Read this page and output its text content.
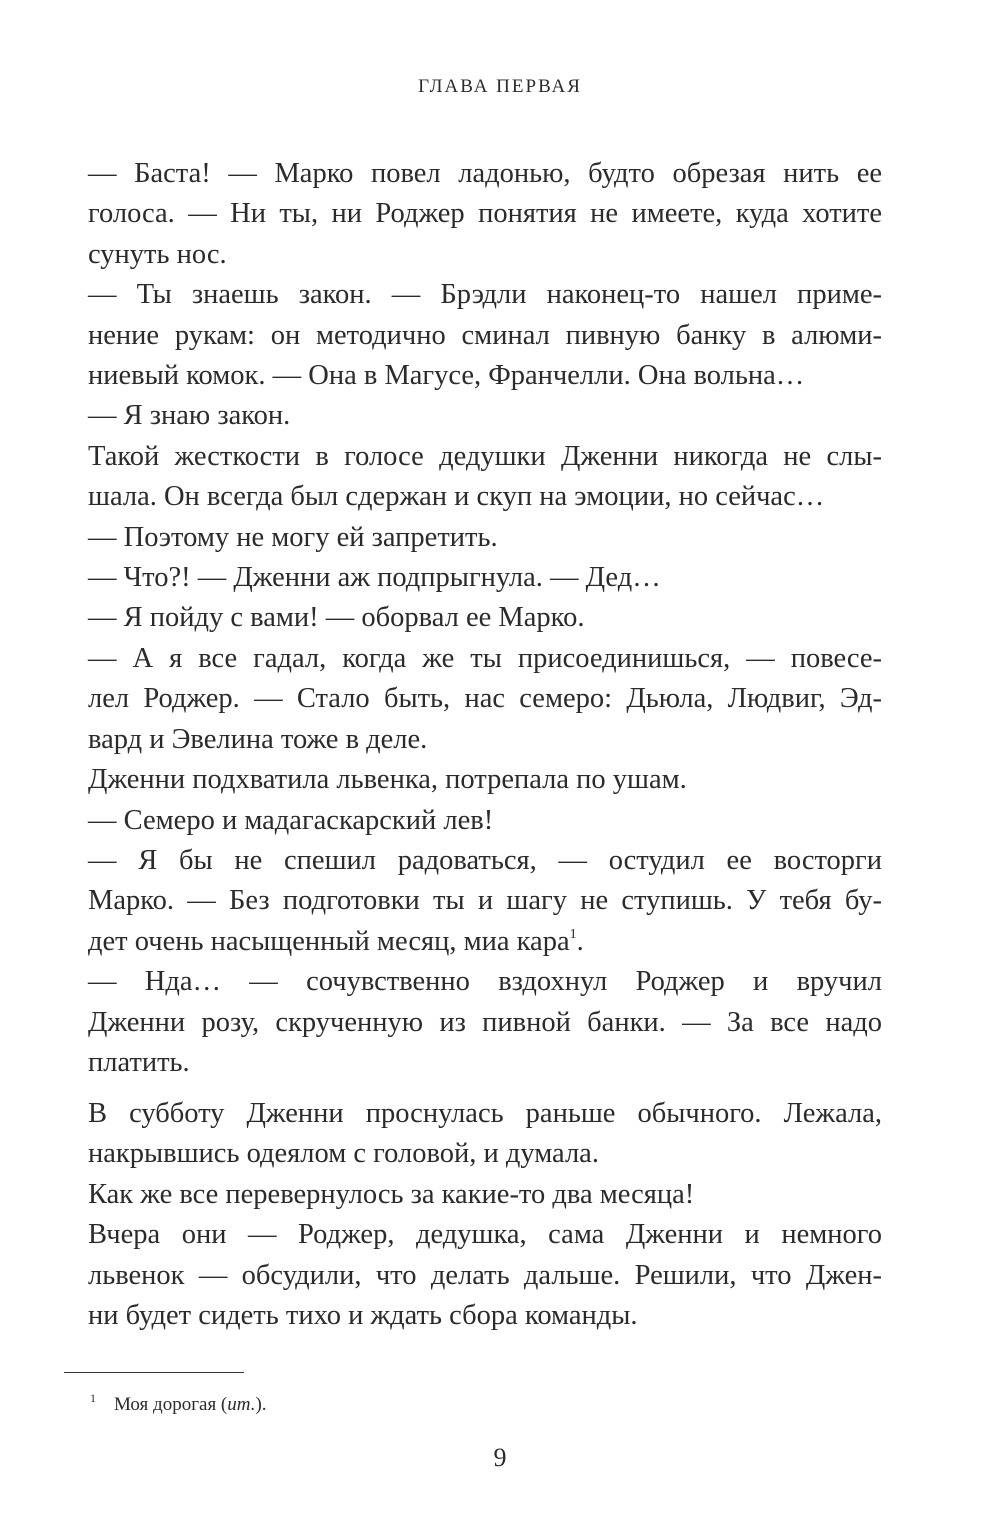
ГЛАВА ПЕРВАЯ
— Баста! — Марко повел ладонью, будто обрезая нить ее
голоса. — Ни ты, ни Роджер понятия не имеете, куда хотите
сунуть нос.
— Ты знаешь закон. — Брэдли наконец-то нашел приме-
нение рукам: он методично сминал пивную банку в алюми-
ниевый комок. — Она в Магусе, Франчелли. Она вольна…
— Я знаю закон.
Такой жесткости в голосе дедушки Дженни никогда не слы-
шала. Он всегда был сдержан и скуп на эмоции, но сейчас…
— Поэтому не могу ей запретить.
— Что?! — Дженни аж подпрыгнула. — Дед…
— Я пойду с вами! — оборвал ее Марко.
— А я все гадал, когда же ты присоединишься, — повесе-
лел Роджер. — Стало быть, нас семеро: Дьюла, Людвиг, Эд-
вард и Эвелина тоже в деле.
Дженни подхватила львенка, потрепала по ушам.
— Семеро и мадагаскарский лев!
— Я бы не спешил радоваться, — остудил ее восторги
Марко. — Без подготовки ты и шагу не ступишь. У тебя бу-
дет очень насыщенный месяц, миа кара$^1$.
— Нда… — сочувственно вздохнул Роджер и вручил
Дженни розу, скрученную из пивной банки. — За все надо
платить.
В субботу Дженни проснулась раньше обычного. Лежала,
накрывшись одеялом с головой, и думала.
Как же все перевернулось за какие-то два месяца!
Вчера они — Роджер, дедушка, сама Дженни и немного
львенок — обсудили, что делать дальше. Решили, что Джен-
ни будет сидеть тихо и ждать сбора команды.
$^1$ Моя дорогая (ит.).
9
